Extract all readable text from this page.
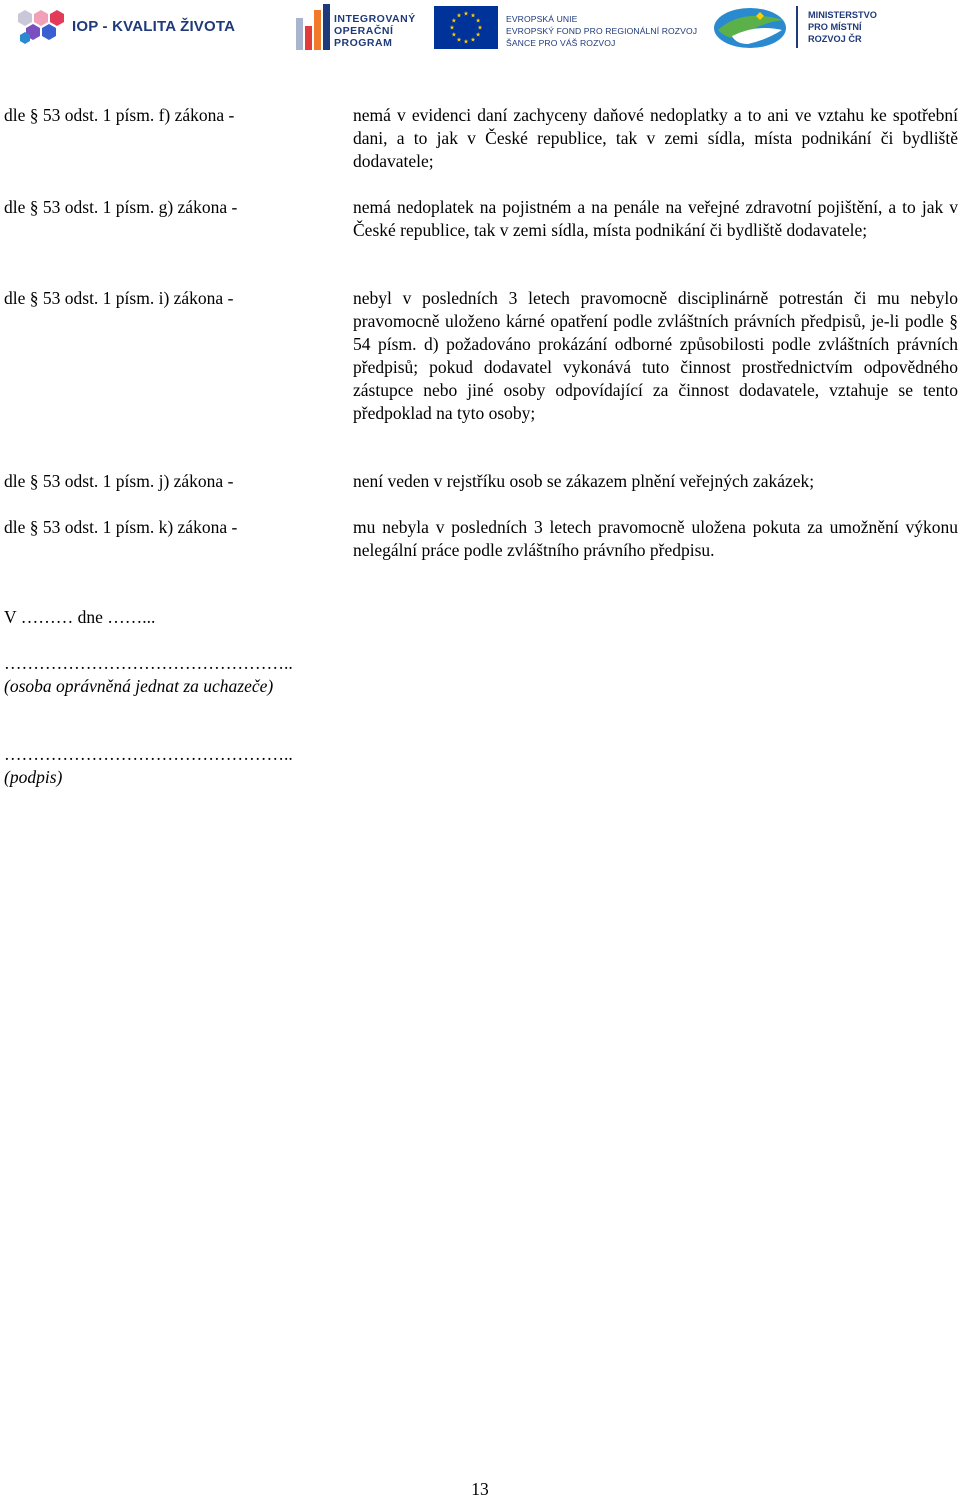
IOP - KVALITA ŽIVOTA	INTEGROVANÝ
OPERAČNÍ
PROGRAM
EVROPSKÁ UNIE
EVROPSKÝ FOND PRO REGIONÁLNÍ ROZVOJ
ŠANCE PRO VÁŠ ROZVOJ
MINISTERSTVO
PRO MÍSTNÍ
ROZVOJ ČR
dle § 53 odst. 1 písm. f) zákona -	nemá v evidenci daní zachyceny daňové nedoplatky a to ani ve vztahu ke spotřební dani, a to jak v České republice, tak v zemi sídla, místa podnikání či bydliště dodavatele;
dle § 53 odst. 1 písm. g) zákona -	nemá nedoplatek na pojistném a na penále na veřejné zdravotní pojištění, a to jak v České republice, tak v zemi sídla, místa podnikání či bydliště dodavatele;
dle § 53 odst. 1 písm. i) zákona -	nebyl v posledních 3 letech pravomocně disciplinárně potrestán či mu nebylo pravomocně uloženo kárné opatření podle zvláštních právních předpisů, je-li podle § 54 písm. d) požadováno prokázání odborné způsobilosti podle zvláštních právních předpisů; pokud dodavatel vykonává tuto činnost prostřednictvím odpovědného zástupce nebo jiné osoby odpovídající za činnost dodavatele, vztahuje se tento předpoklad na tyto osoby;
dle § 53 odst. 1 písm. j) zákona -	není veden v rejstříku osob se zákazem plnění veřejných zakázek;
dle § 53 odst. 1 písm. k) zákona -	mu nebyla v posledních 3 letech pravomocně uložena pokuta za umožnění výkonu nelegální práce podle zvláštního právního předpisu.
V ……… dne ……...
…………………………………………..
(osoba oprávněná jednat za uchazeče)
…………………………………………..
(podpis)
13
